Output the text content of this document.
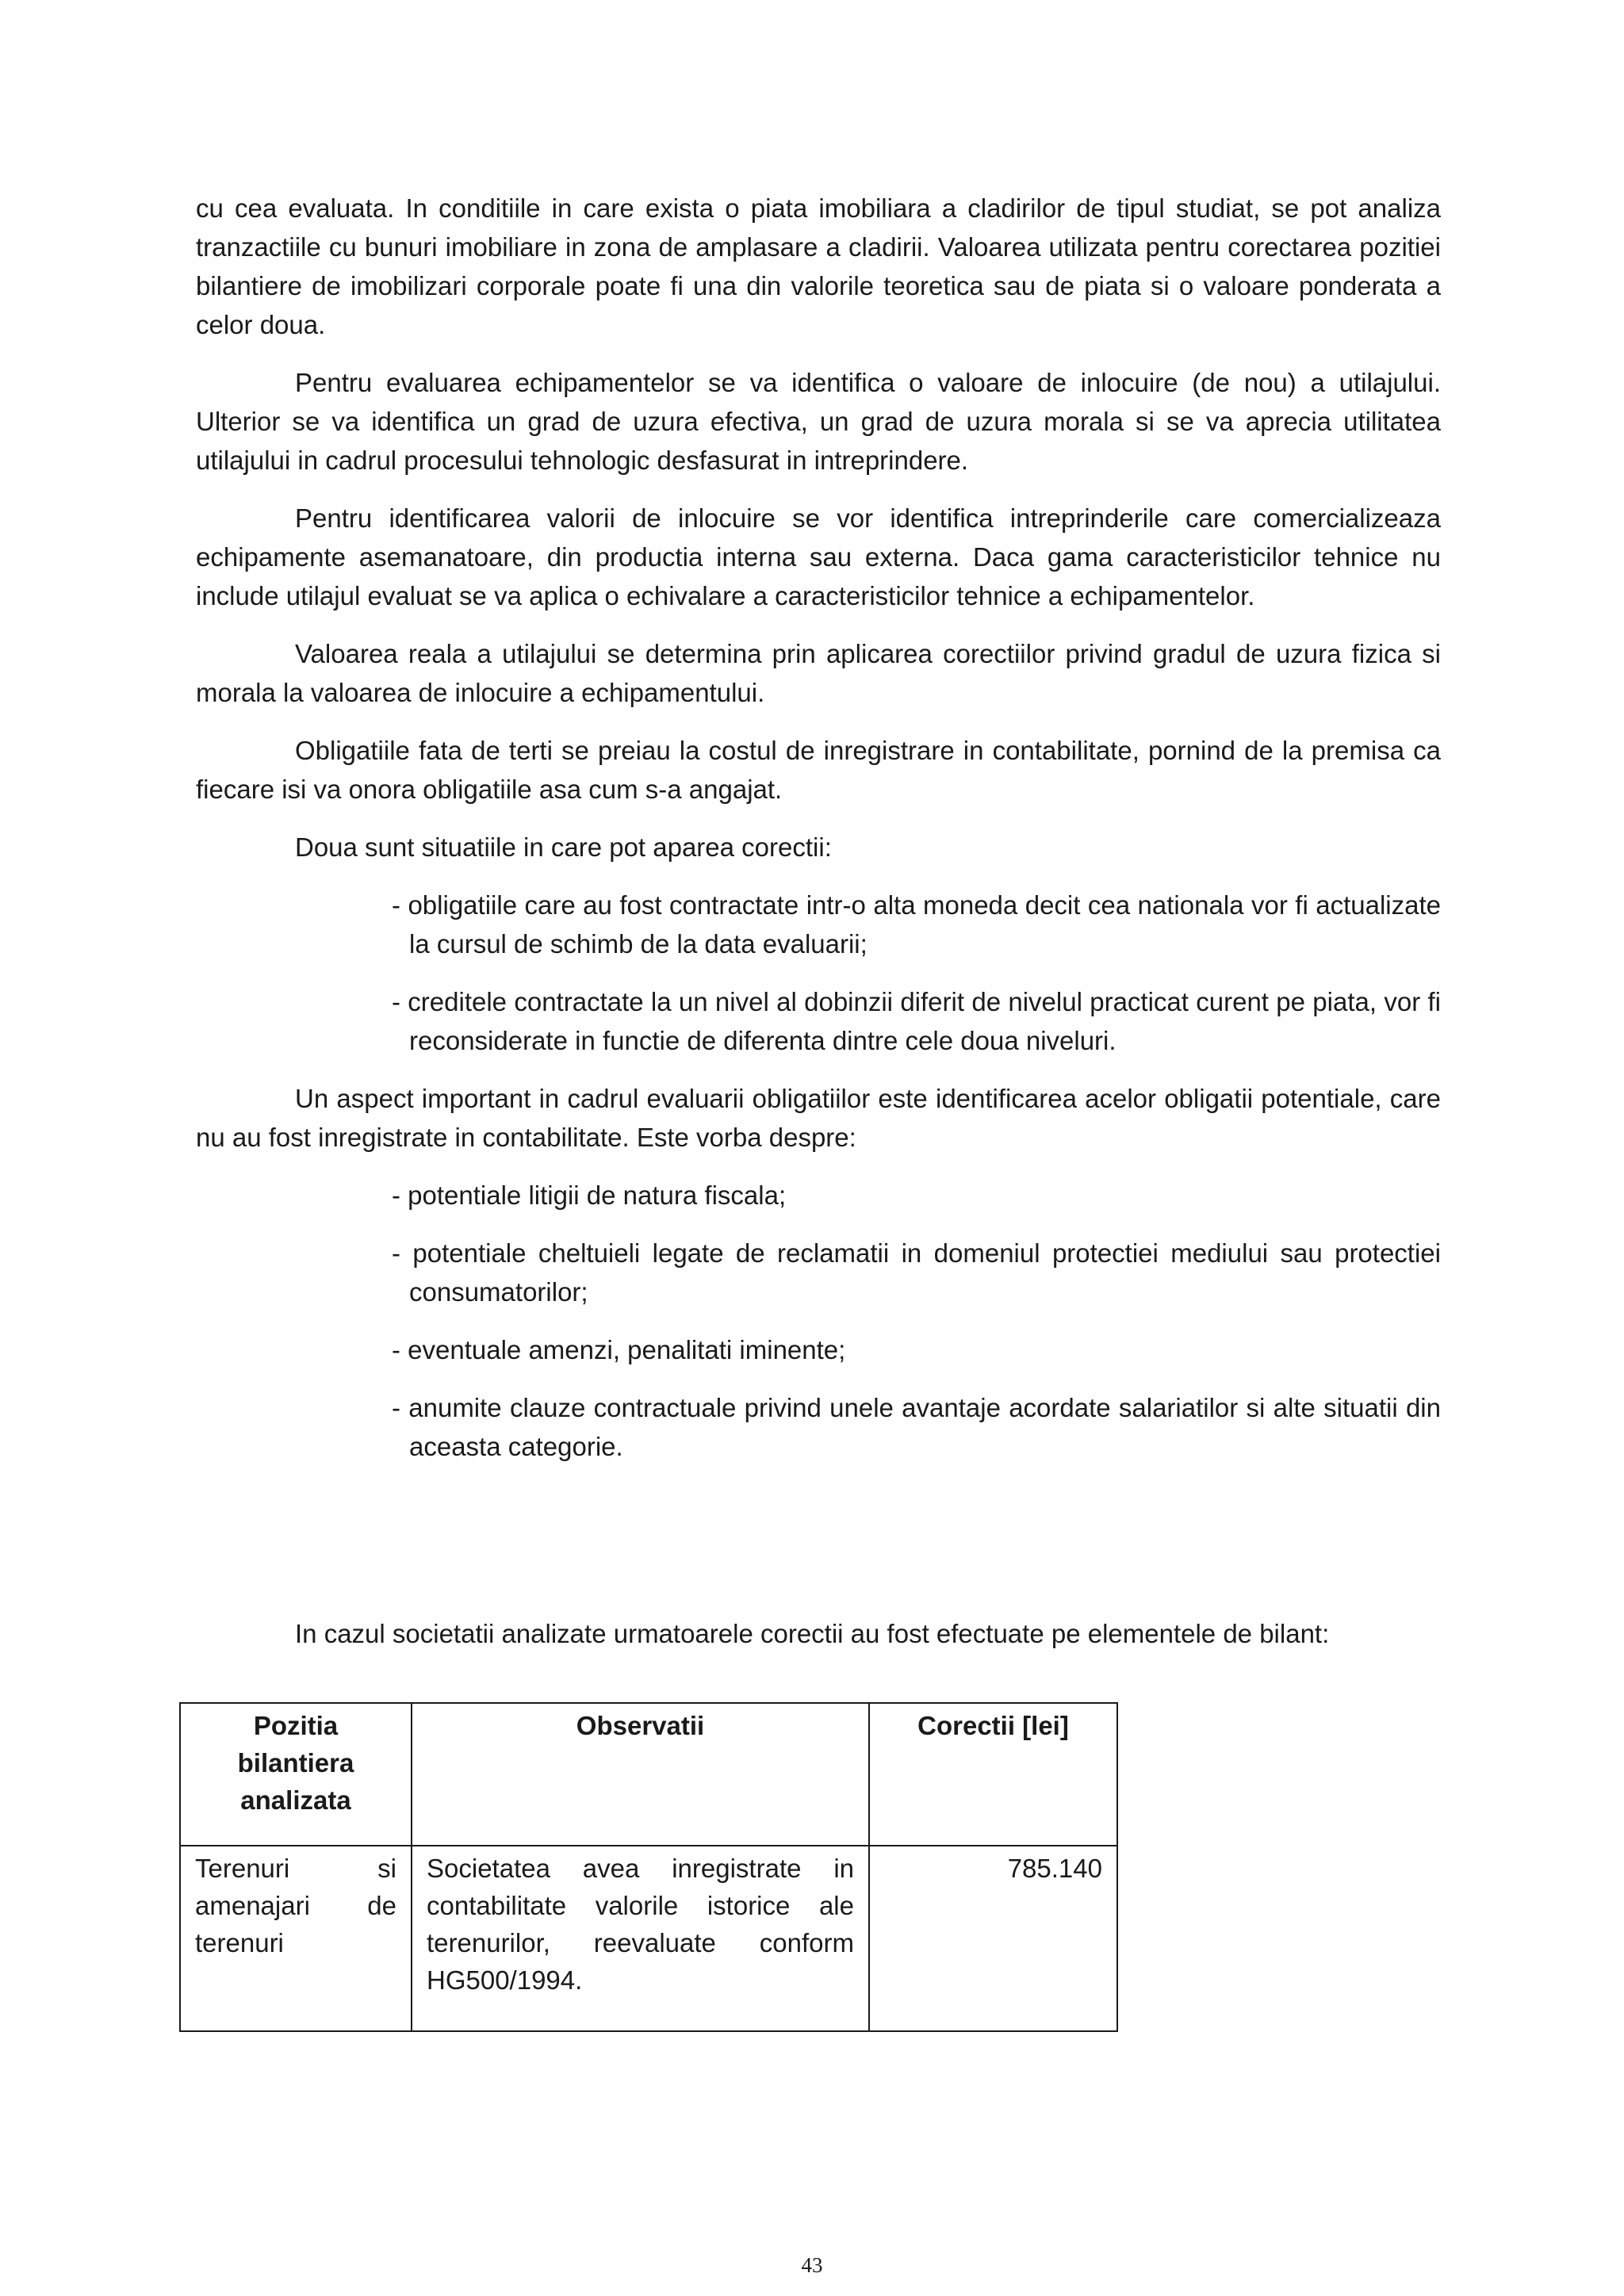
cu cea evaluata. In conditiile in care exista o piata imobiliara a cladirilor de tipul studiat, se pot analiza tranzactiile cu bunuri imobiliare in zona de amplasare a cladirii. Valoarea utilizata pentru corectarea pozitiei bilantiere de imobilizari corporale poate fi una din valorile teoretica sau de piata si o valoare ponderata a celor doua.

Pentru evaluarea echipamentelor se va identifica o valoare de inlocuire (de nou) a utilajului. Ulterior se va identifica un grad de uzura efectiva, un grad de uzura morala si se va aprecia utilitatea utilajului in cadrul procesului tehnologic desfasurat in intreprindere.

Pentru identificarea valorii de inlocuire se vor identifica intreprinderile care comercializeaza echipamente asemanatoare, din productia interna sau externa. Daca gama caracteristicilor tehnice nu include utilajul evaluat se va aplica o echivalare a caracteristicilor tehnice a echipamentelor.

Valoarea reala a utilajului se determina prin aplicarea corectiilor privind gradul de uzura fizica si morala la valoarea de inlocuire a echipamentului.

Obligatiile fata de terti se preiau la costul de inregistrare in contabilitate, pornind de la premisa ca fiecare isi va onora obligatiile asa cum s-a angajat.

Doua sunt situatiile in care pot aparea corectii:

- obligatiile care au fost contractate intr-o alta moneda decit cea nationala vor fi actualizate la cursul de schimb de la data evaluarii;
- creditele contractate la un nivel al dobinzii diferit de nivelul practicat curent pe piata, vor fi reconsiderate in functie de diferenta dintre cele doua niveluri.

Un aspect important in cadrul evaluarii obligatiilor este identificarea acelor obligatii potentiale, care nu au fost inregistrate in contabilitate. Este vorba despre:

- potentiale litigii de natura fiscala;
- potentiale cheltuieli legate de reclamatii in domeniul protectiei mediului sau protectiei consumatorilor;
- eventuale amenzi, penalitati iminente;
- anumite clauze contractuale privind unele avantaje acordate salariatilor si alte situatii din aceasta categorie.

In cazul societatii analizate urmatoarele corectii au fost efectuate pe elementele de bilant:

Pozitia bilantiera analizata	Observatii	Corectii [lei]
Terenuri si amenajari de terenuri	Societatea avea inregistrate in contabilitate valorile istorice ale terenurilor, reevaluate conform HG500/1994.	785.140
43
